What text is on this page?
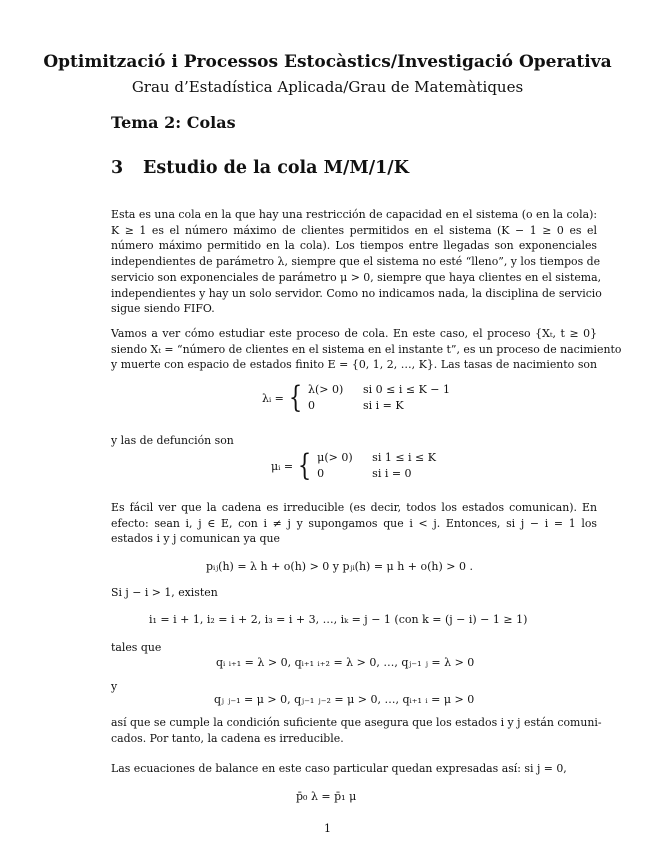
Optimització i Processos Estocàstics/Investigació Operativa
Grau d’Estadística Aplicada/Grau de Matemàtiques
Tema 2: Colas
3 Estudio de la cola M/M/1/K
Esta es una cola en la que hay una restricción de capacidad en el sistema (o en la cola):
K ≥ 1 es el número máximo de clientes permitidos en el sistema (K − 1 ≥ 0 es el
número máximo permitido en la cola). Los tiempos entre llegadas son exponenciales
independientes de parámetro λ, siempre que el sistema no esté “lleno”, y los tiempos de
servicio son exponenciales de parámetro μ > 0, siempre que haya clientes en el sistema,
independientes y hay un solo servidor. Como no indicamos nada, la disciplina de servicio
sigue siendo FIFO.
Vamos a ver cómo estudiar este proceso de cola. En este caso, el proceso {Xₜ, t ≥ 0}
siendo Xₜ = “número de clientes en el sistema en el instante t”, es un proceso de nacimiento
y muerte con espacio de estados finito E = {0, 1, 2, …, K}. Las tasas de nacimiento son
λᵢ = { λ(> 0) si 0 ≤ i ≤ K − 1
0	si i = K
y las de defunción son
μᵢ = { μ(> 0) si 1 ≤ i ≤ K
0	si i = 0
Es fácil ver que la cadena es irreducible (es decir, todos los estados comunican). En
efecto: sean i, j ∈ E, con i ≠ j y supongamos que i < j. Entonces, si j − i = 1 los
estados i y j comunican ya que
pᵢⱼ(h) = λ h + o(h) > 0 y pⱼᵢ(h) = μ h + o(h) > 0 .
Si j − i > 1, existen
i₁ = i + 1, i₂ = i + 2, i₃ = i + 3, …, iₖ = j − 1 (con k = (j − i) − 1 ≥ 1)
tales que
qᵢ ᵢ₊₁ = λ > 0, qᵢ₊₁ ᵢ₊₂ = λ > 0, …, qⱼ₋₁ ⱼ = λ > 0
y
qⱼ ⱼ₋₁ = μ > 0, qⱼ₋₁ ⱼ₋₂ = μ > 0, …, qᵢ₊₁ ᵢ = μ > 0
así que se cumple la condición suficiente que asegura que los estados i y j están comuni-
cados. Por tanto, la cadena es irreducible.
Las ecuaciones de balance en este caso particular quedan expresadas así: si j = 0,
p̄₀ λ = p̄₁ μ
1
